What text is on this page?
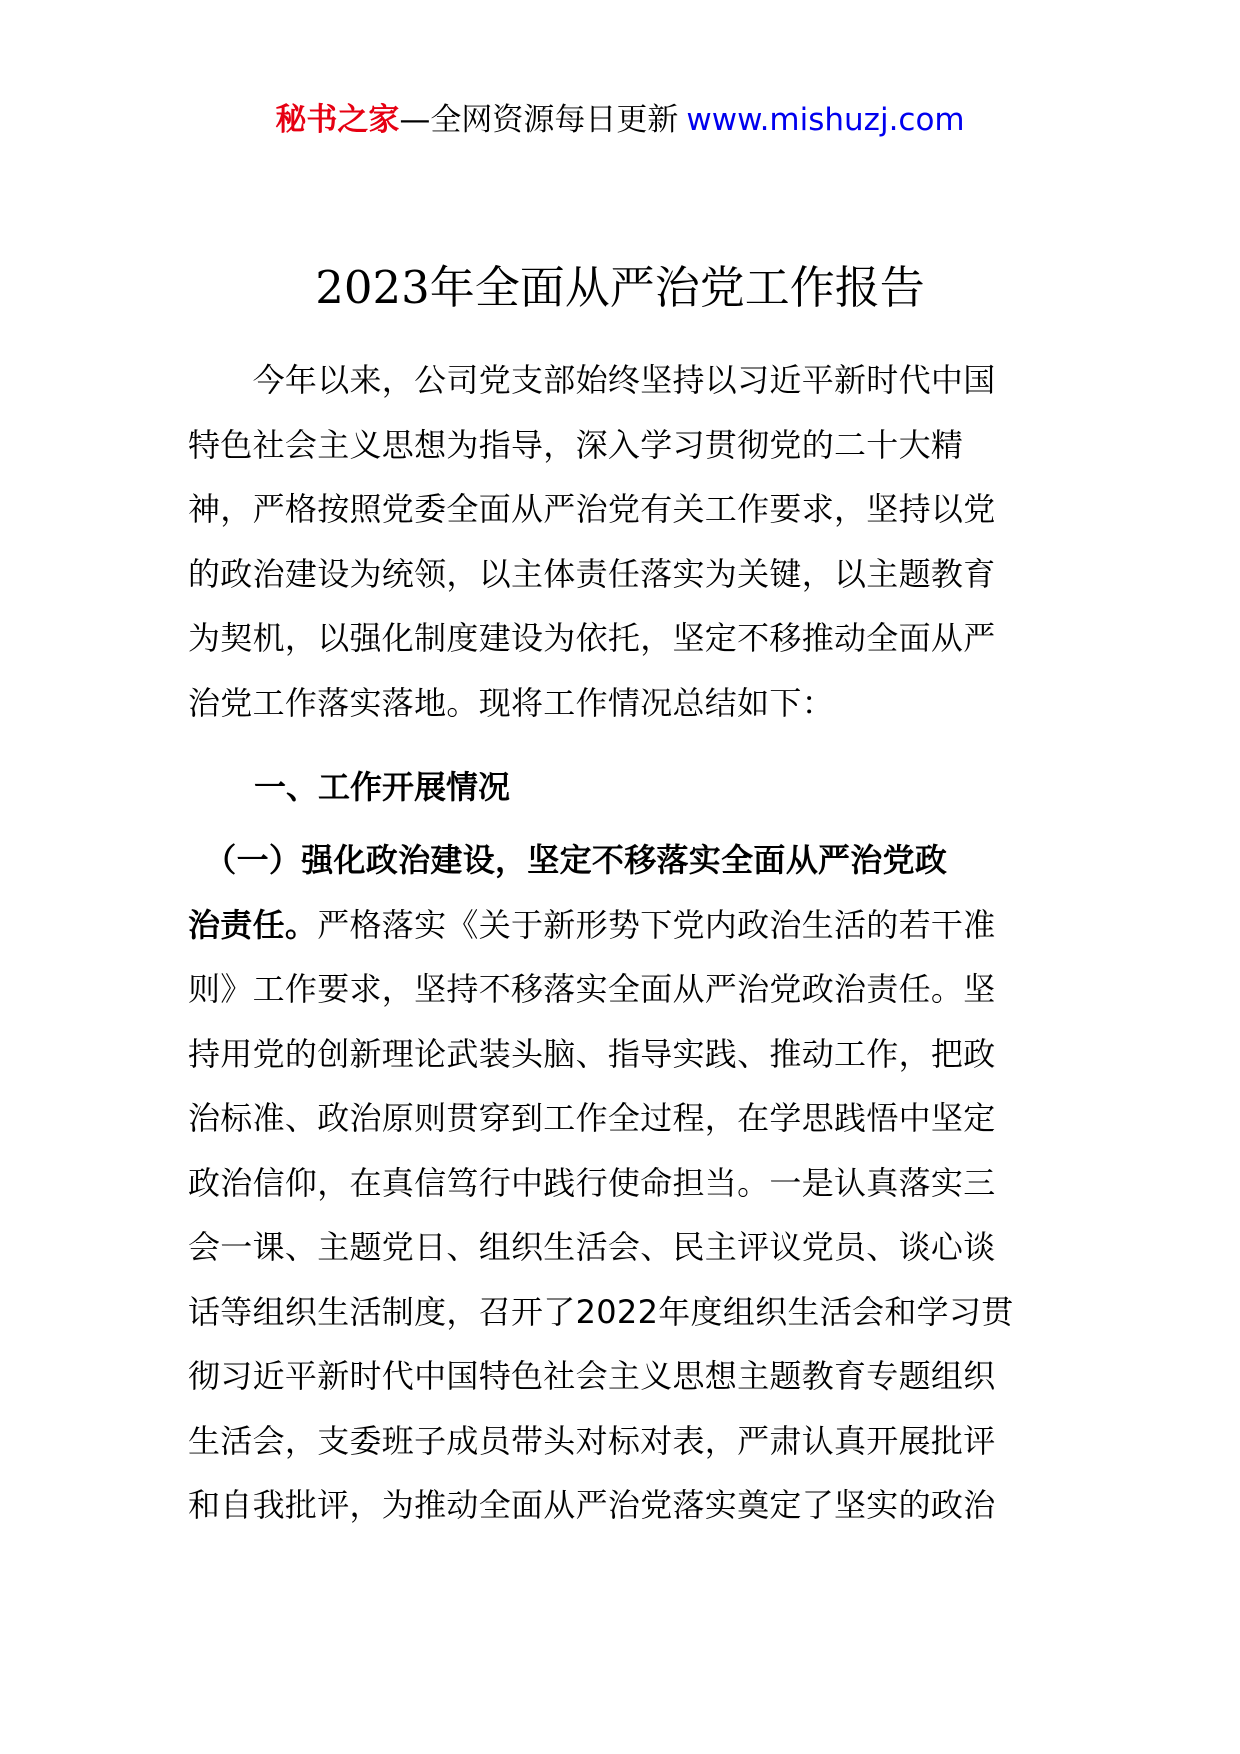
秘书之家—全网资源每日更新 www.mishuzj.com
2023年全面从严治党工作报告
　　今年以来，公司党支部始终坚持以习近平新时代中国
特色社会主义思想为指导，深入学习贯彻党的二十大精
神，严格按照党委全面从严治党有关工作要求，坚持以党
的政治建设为统领，以主体责任落实为关键，以主题教育
为契机，以强化制度建设为依托，坚定不移推动全面从严
治党工作落实落地。现将工作情况总结如下：
一、工作开展情况
　（一）强化政治建设，坚定不移落实全面从严治党政
治责任。严格落实《关于新形势下党内政治生活的若干准
则》工作要求，坚持不移落实全面从严治党政治责任。坚
持用党的创新理论武装头脑、指导实践、推动工作，把政
治标准、政治原则贯穿到工作全过程，在学思践悟中坚定
政治信仰，在真信笃行中践行使命担当。一是认真落实三
会一课、主题党日、组织生活会、民主评议党员、谈心谈
话等组织生活制度，召开了2022年度组织生活会和学习贯
彻习近平新时代中国特色社会主义思想主题教育专题组织
生活会，支委班子成员带头对标对表，严肃认真开展批评
和自我批评，为推动全面从严治党落实奠定了坚实的政治
